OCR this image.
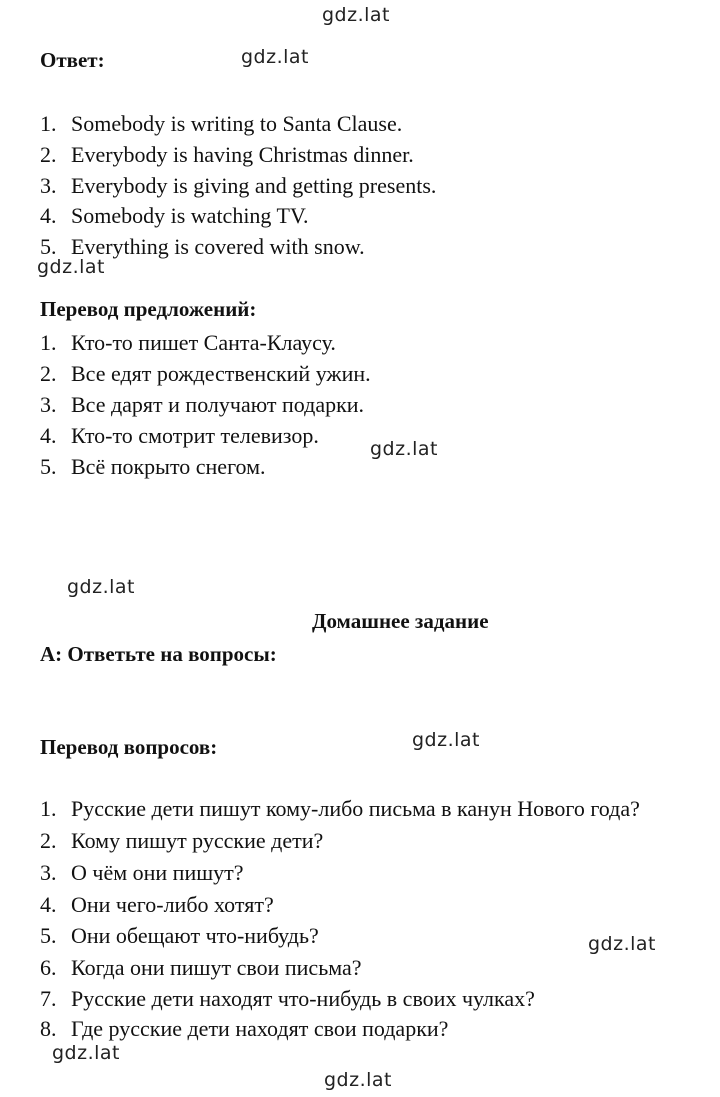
gdz.lat
gdz.lat
gdz.lat
gdz.lat
gdz.lat
gdz.lat
gdz.lat
gdz.lat
gdz.lat
Ответ:
1. Somebody is writing to Santa Clause.
2. Everybody is having Christmas dinner.
3. Everybody is giving and getting presents.
4. Somebody is watching TV.
5. Everything is covered with snow.
Перевод предложений:
1. Кто-то пишет Санта-Клаусу.
2. Все едят рождественский ужин.
3. Все дарят и получают подарки.
4. Кто-то смотрит телевизор.
5. Всё покрыто снегом.
Домашнее задание
А: Ответьте на вопросы:
Перевод вопросов:
1. Русские дети пишут кому-либо письма в канун Нового года?
2. Кому пишут русские дети?
3. О чём они пишут?
4. Они чего-либо хотят?
5. Они обещают что-нибудь?
6. Когда они пишут свои письма?
7. Русские дети находят что-нибудь в своих чулках?
8. Где русские дети находят свои подарки?
